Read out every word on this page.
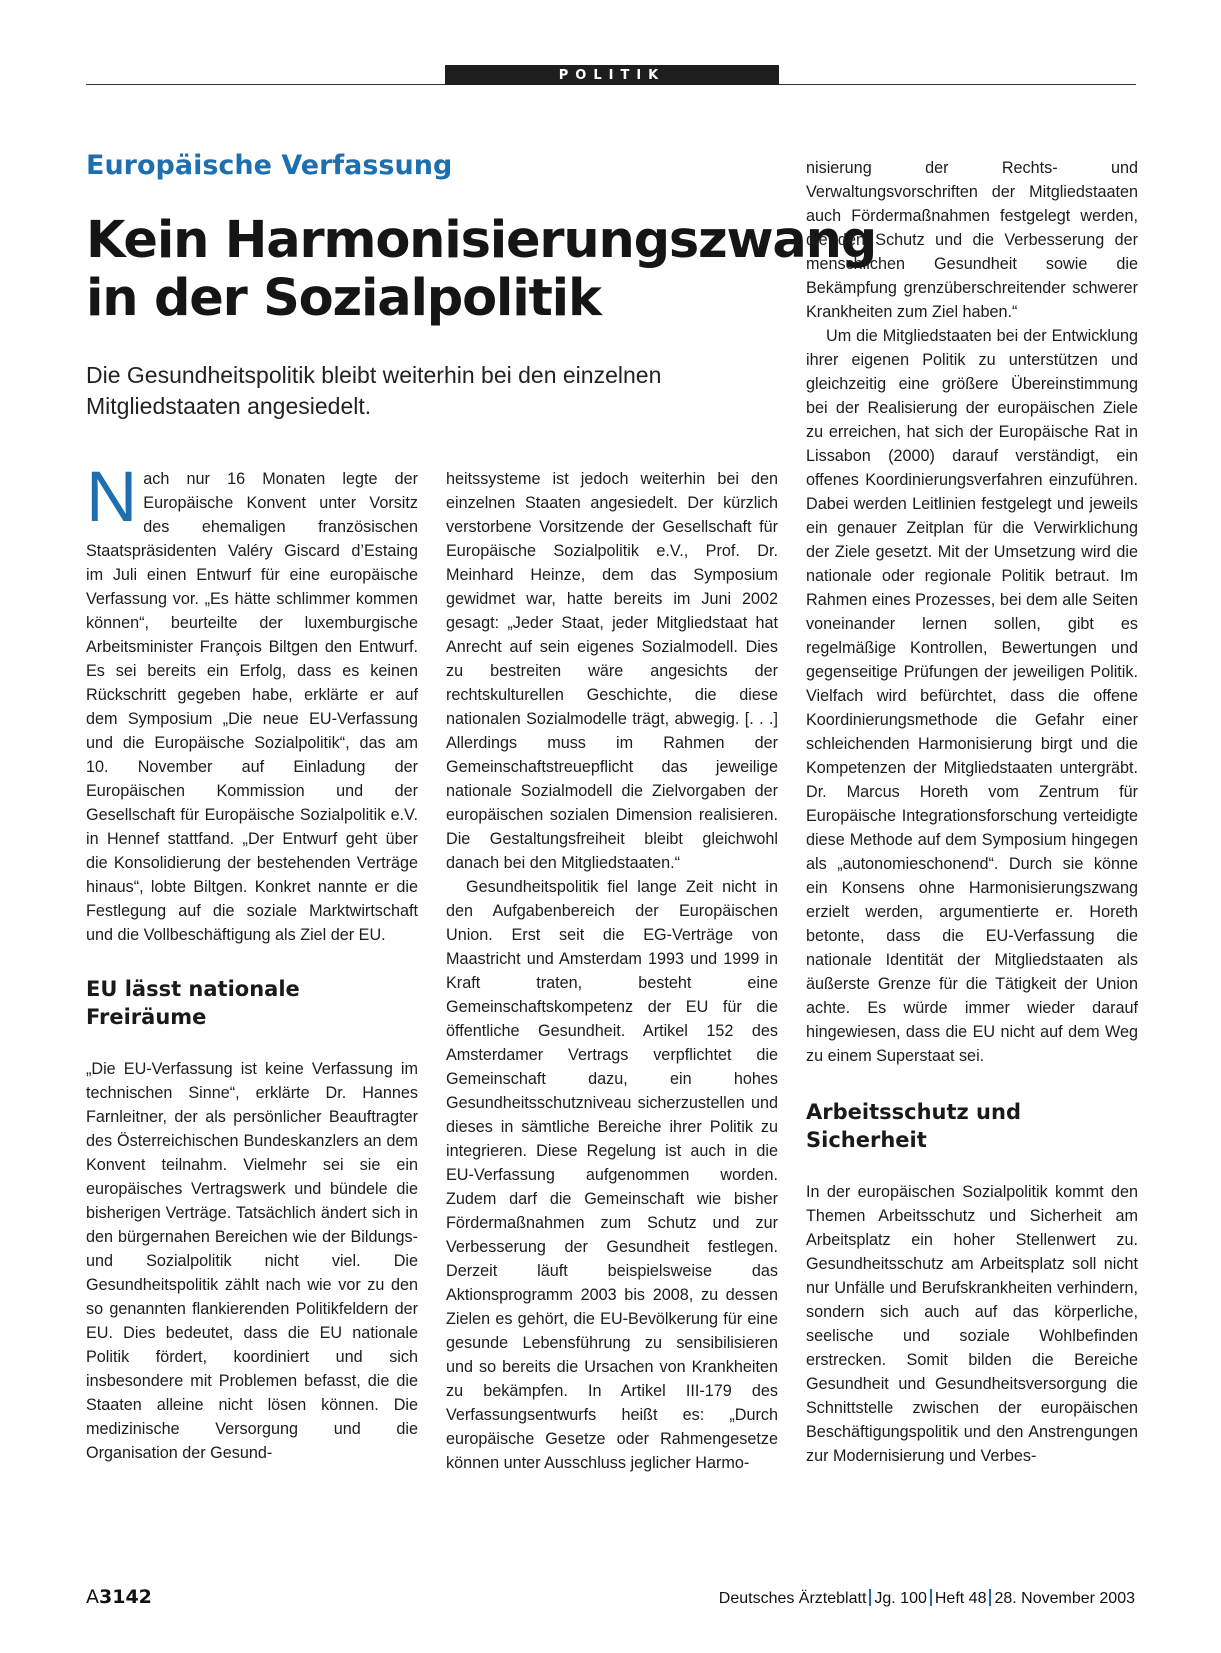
POLITIK
Europäische Verfassung
Kein Harmonisierungszwang
in der Sozialpolitik

Die Gesundheitspolitik bleibt weiterhin bei den einzelnen Mitgliedstaaten angesiedelt.

Nach nur 16 Monaten legte der Europäische Konvent unter Vorsitz des ehemaligen französischen Staatspräsidenten Valéry Giscard d’Estaing im Juli einen Entwurf für eine europäische Verfassung vor. „Es hätte schlimmer kommen können“, beurteilte der luxemburgische Arbeitsminister François Biltgen den Entwurf. Es sei bereits ein Erfolg, dass es keinen Rückschritt gegeben habe, erklärte er auf dem Symposium „Die neue EU-Verfassung und die Europäische Sozialpolitik“, das am 10. November auf Einladung der Europäischen Kommission und der Gesellschaft für Europäische Sozialpolitik e.V. in Hennef stattfand. „Der Entwurf geht über die Konsolidierung der bestehenden Verträge hinaus“, lobte Biltgen. Konkret nannte er die Festlegung auf die soziale Marktwirtschaft und die Vollbeschäftigung als Ziel der EU.

EU lässt nationale Freiräume

„Die EU-Verfassung ist keine Verfassung im technischen Sinne“, erklärte Dr. Hannes Farnleitner, der als persönlicher Beauftragter des Österreichischen Bundeskanzlers an dem Konvent teilnahm. Vielmehr sei sie ein europäisches Vertragswerk und bündele die bisherigen Verträge. Tatsächlich ändert sich in den bürgernahen Bereichen wie der Bildungs- und Sozialpolitik nicht viel. Die Gesundheitspolitik zählt nach wie vor zu den so genannten flankierenden Politikfeldern der EU. Dies bedeutet, dass die EU nationale Politik fördert, koordiniert und sich insbesondere mit Problemen befasst, die die Staaten alleine nicht lösen können. Die medizinische Versorgung und die Organisation der Gesund-

heitssysteme ist jedoch weiterhin bei den einzelnen Staaten angesiedelt. Der kürzlich verstorbene Vorsitzende der Gesellschaft für Europäische Sozialpolitik e.V., Prof. Dr. Meinhard Heinze, dem das Symposium gewidmet war, hatte bereits im Juni 2002 gesagt: „Jeder Staat, jeder Mitgliedstaat hat Anrecht auf sein eigenes Sozialmodell. Dies zu bestreiten wäre angesichts der rechtskulturellen Geschichte, die diese nationalen Sozialmodelle trägt, abwegig. [. . .] Allerdings muss im Rahmen der Gemeinschaftstreuepflicht das jeweilige nationale Sozialmodell die Zielvorgaben der europäischen sozialen Dimension realisieren. Die Gestaltungsfreiheit bleibt gleichwohl danach bei den Mitgliedstaaten.“

Gesundheitspolitik fiel lange Zeit nicht in den Aufgabenbereich der Europäischen Union. Erst seit die EG-Verträge von Maastricht und Amsterdam 1993 und 1999 in Kraft traten, besteht eine Gemeinschaftskompetenz der EU für die öffentliche Gesundheit. Artikel 152 des Amsterdamer Vertrags verpflichtet die Gemeinschaft dazu, ein hohes Gesundheitsschutzniveau sicherzustellen und dieses in sämtliche Bereiche ihrer Politik zu integrieren. Diese Regelung ist auch in die EU-Verfassung aufgenommen worden. Zudem darf die Gemeinschaft wie bisher Fördermaßnahmen zum Schutz und zur Verbesserung der Gesundheit festlegen. Derzeit läuft beispielsweise das Aktionsprogramm 2003 bis 2008, zu dessen Zielen es gehört, die EU-Bevölkerung für eine gesunde Lebensführung zu sensibilisieren und so bereits die Ursachen von Krankheiten zu bekämpfen. In Artikel III-179 des Verfassungsentwurfs heißt es: „Durch europäische Gesetze oder Rahmengesetze können unter Ausschluss jeglicher Harmo-

nisierung der Rechts- und Verwaltungsvorschriften der Mitgliedstaaten auch Fördermaßnahmen festgelegt werden, die den Schutz und die Verbesserung der menschlichen Gesundheit sowie die Bekämpfung grenzüberschreitender schwerer Krankheiten zum Ziel haben.“

Um die Mitgliedstaaten bei der Entwicklung ihrer eigenen Politik zu unterstützen und gleichzeitig eine größere Übereinstimmung bei der Realisierung der europäischen Ziele zu erreichen, hat sich der Europäische Rat in Lissabon (2000) darauf verständigt, ein offenes Koordinierungsverfahren einzuführen. Dabei werden Leitlinien festgelegt und jeweils ein genauer Zeitplan für die Verwirklichung der Ziele gesetzt. Mit der Umsetzung wird die nationale oder regionale Politik betraut. Im Rahmen eines Prozesses, bei dem alle Seiten voneinander lernen sollen, gibt es regelmäßige Kontrollen, Bewertungen und gegenseitige Prüfungen der jeweiligen Politik. Vielfach wird befürchtet, dass die offene Koordinierungsmethode die Gefahr einer schleichenden Harmonisierung birgt und die Kompetenzen der Mitgliedstaaten untergräbt. Dr. Marcus Horeth vom Zentrum für Europäische Integrationsforschung verteidigte diese Methode auf dem Symposium hingegen als „autonomieschonend“. Durch sie könne ein Konsens ohne Harmonisierungszwang erzielt werden, argumentierte er. Horeth betonte, dass die EU-Verfassung die nationale Identität der Mitgliedstaaten als äußerste Grenze für die Tätigkeit der Union achte. Es würde immer wieder darauf hingewiesen, dass die EU nicht auf dem Weg zu einem Superstaat sei.

Arbeitsschutz und Sicherheit

In der europäischen Sozialpolitik kommt den Themen Arbeitsschutz und Sicherheit am Arbeitsplatz ein hoher Stellenwert zu. Gesundheitsschutz am Arbeitsplatz soll nicht nur Unfälle und Berufskrankheiten verhindern, sondern sich auch auf das körperliche, seelische und soziale Wohlbefinden erstrecken. Somit bilden die Bereiche Gesundheit und Gesundheitsversorgung die Schnittstelle zwischen der europäischen Beschäftigungspolitik und den Anstrengungen zur Modernisierung und Verbes-

A3142	Deutsches Ärzteblatt Jg. 100 Heft 48 28. November 2003
